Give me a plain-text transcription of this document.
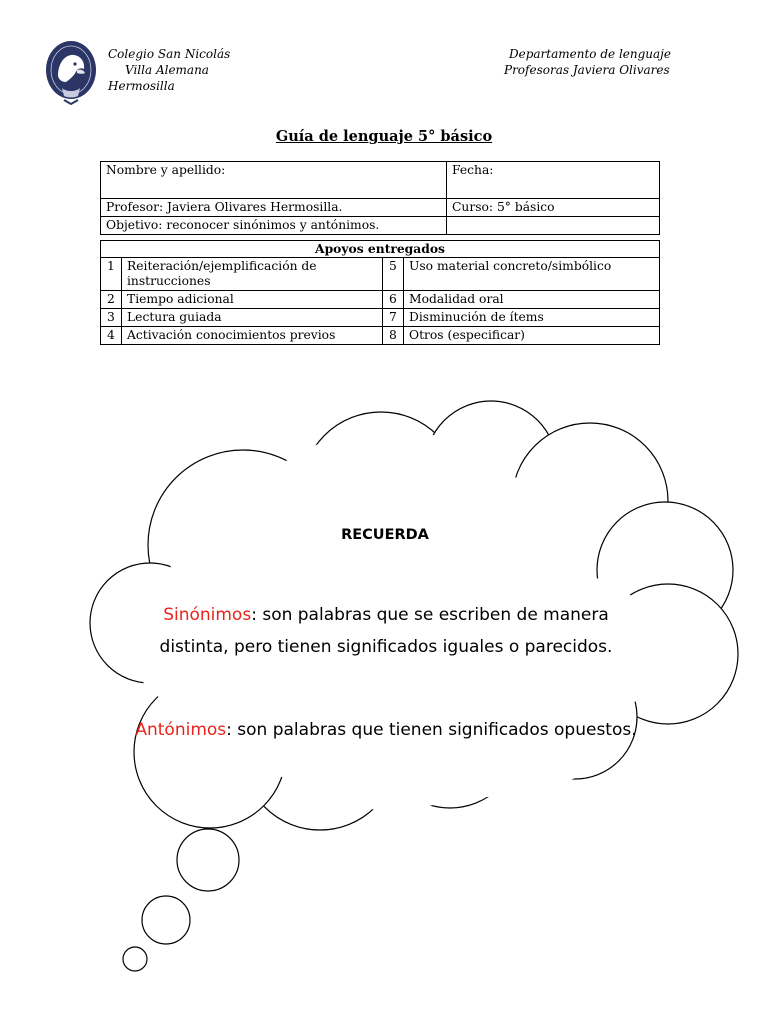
Colegio San Nicolás
Villa Alemana
Hermosilla
Departamento de lenguaje
Profesoras Javiera Olivares
Guía de lenguaje 5° básico
Nombre y apellido:	Fecha:
Profesor: Javiera Olivares Hermosilla.	Curso: 5° básico
Objetivo: reconocer sinónimos y antónimos.	
Apoyos entregados			
1	Reiteración/ejemplificación de instrucciones	5	Uso material concreto/simbólico
2	Tiempo adicional	6	Modalidad oral
3	Lectura guiada	7	Disminución de ítems
4	Activación conocimientos previos	8	Otros (especificar)
RECUERDA
Sinónimos: son palabras que se escriben de manera
distinta, pero tienen significados iguales o parecidos.
Antónimos: son palabras que tienen significados opuestos.
